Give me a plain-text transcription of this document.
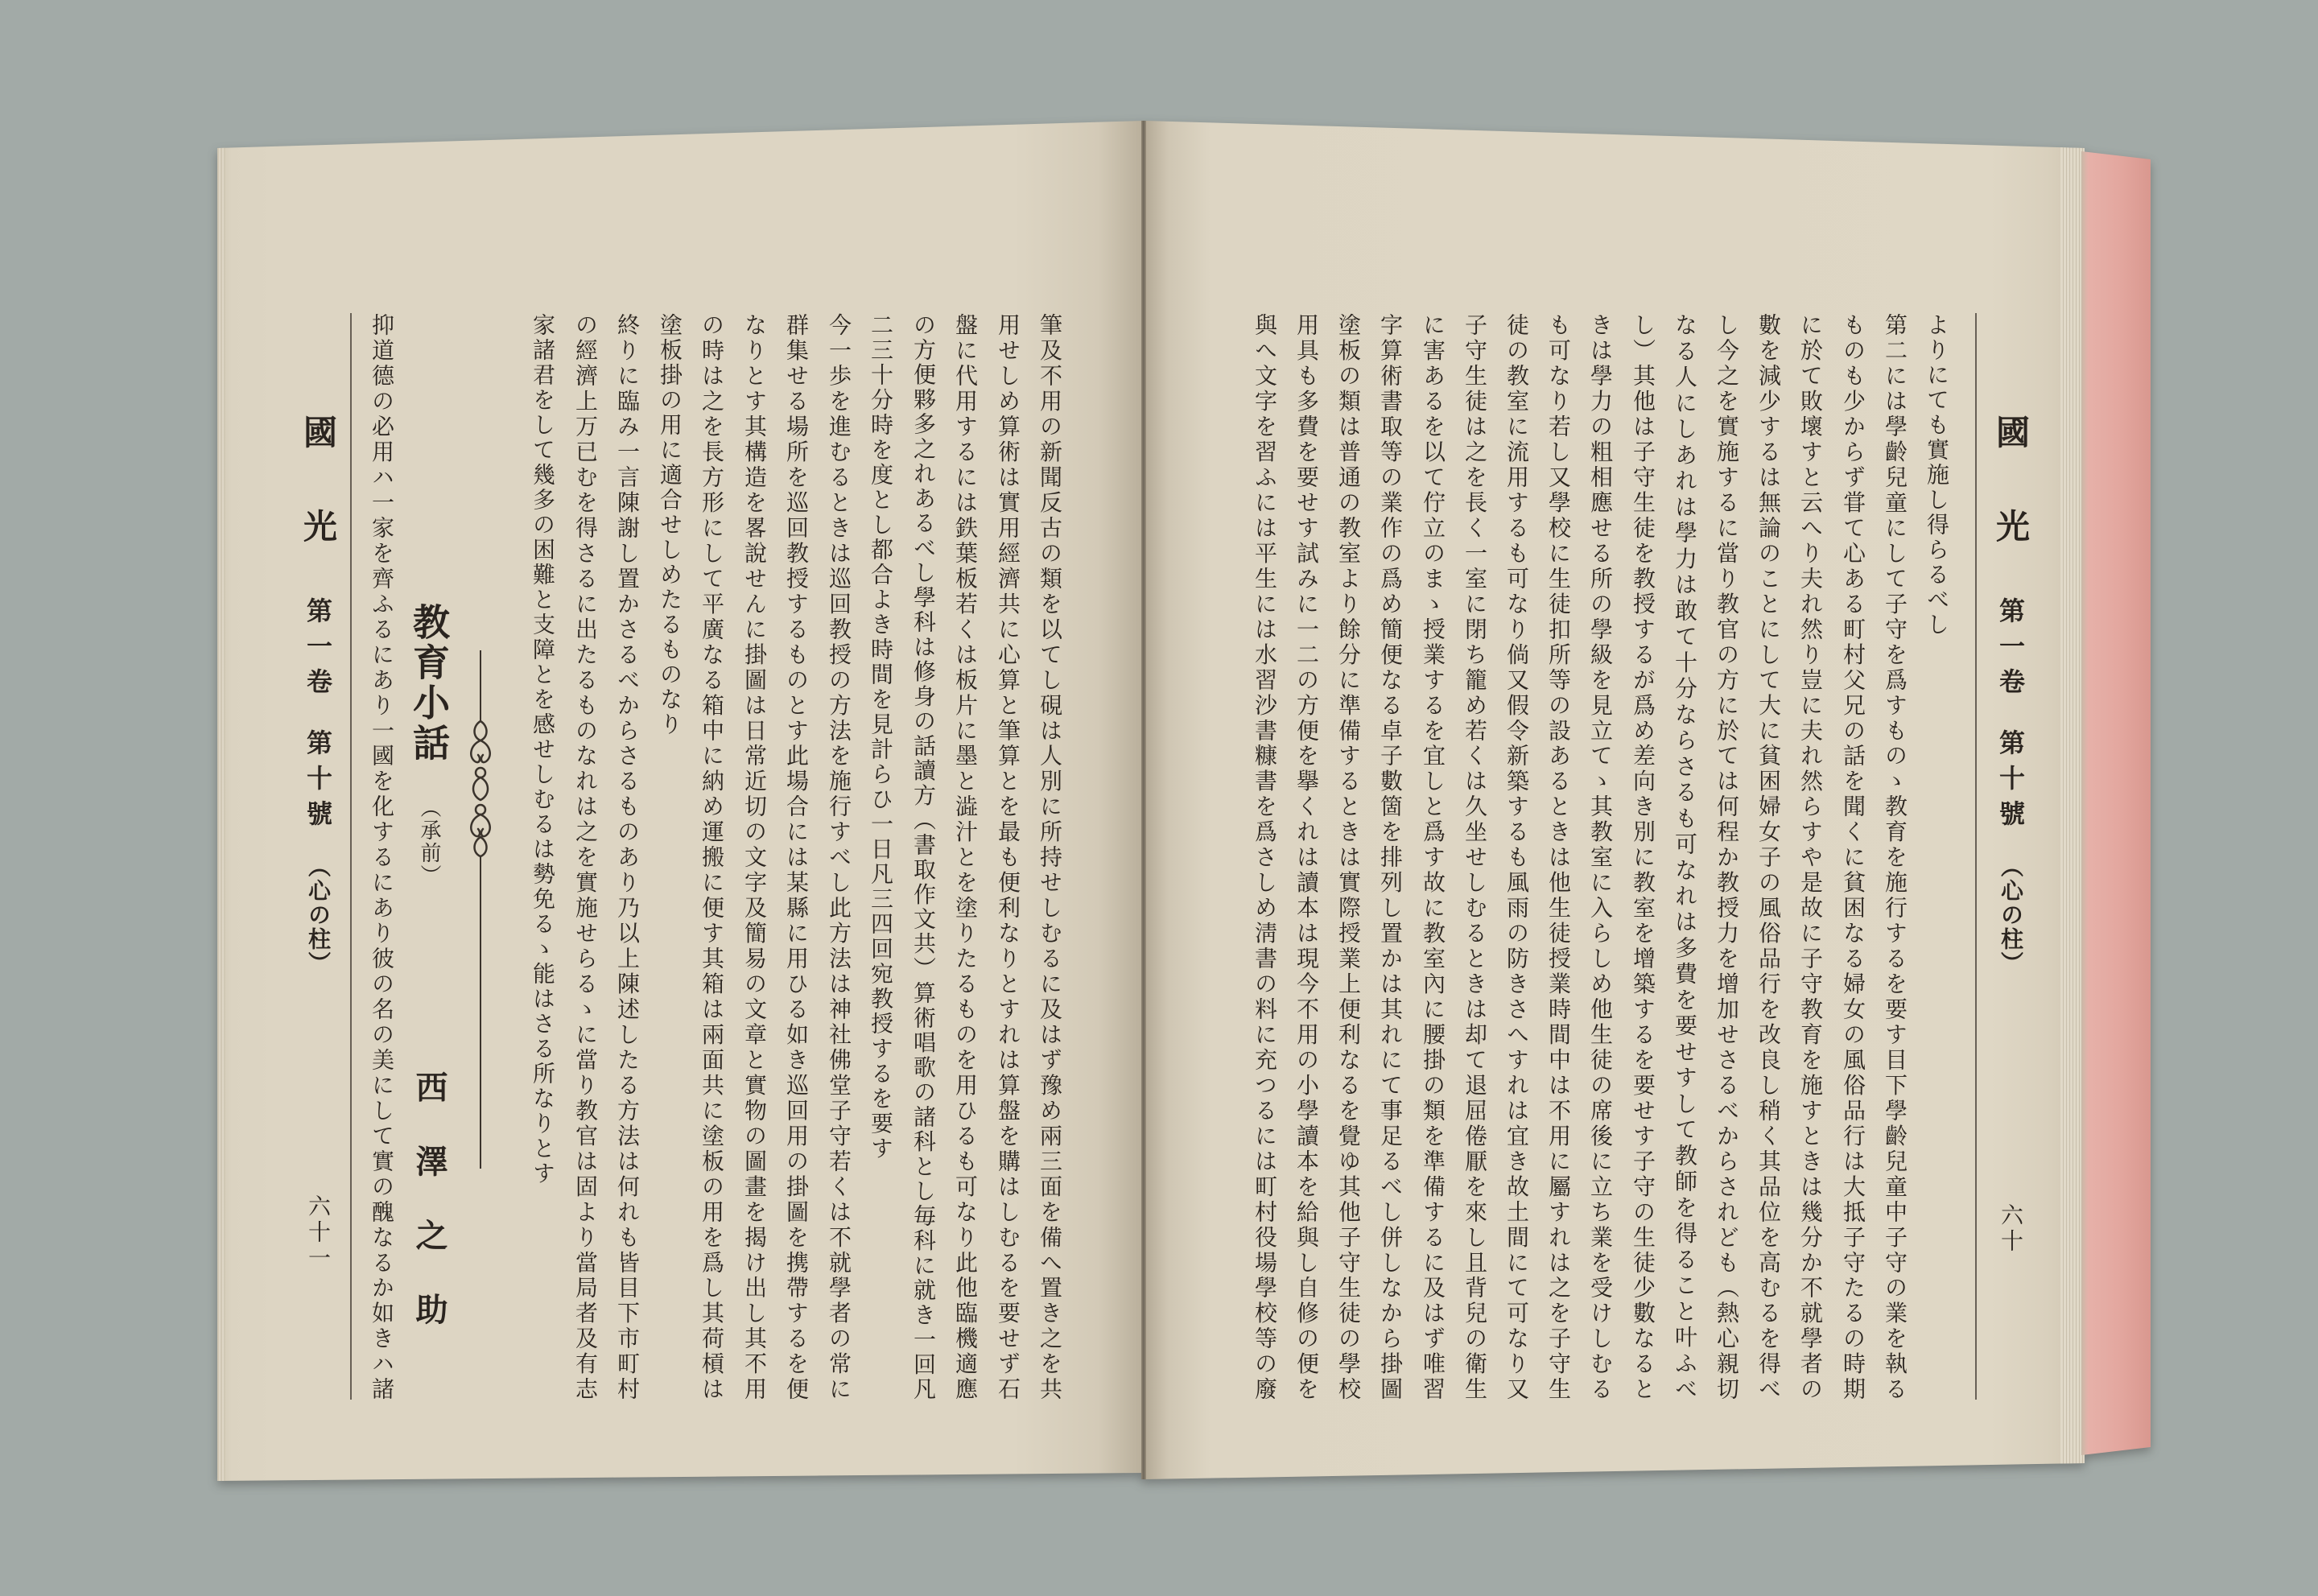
國
光
第一卷
第十號
（心の柱）
六十
よりにても實施し得らるべし
第二には學齡兒童にして子守を爲すものゝ教育を施行するを要す目下學齡兒童中子守の業を執る
ものも少からず甞て心ある町村父兄の話を聞くに貧困なる婦女の風俗品行は大抵子守たるの時期
に於て敗壞すと云へり夫れ然り豈に夫れ然らすや是故に子守教育を施すときは幾分か不就學者の
數を減少するは無論のことにして大に貧困婦女子の風俗品行を改良し稍く其品位を高むるを得べ
し今之を實施するに當り教官の方に於ては何程か教授力を增加せさるべからされども（熱心親切
なる人にしあれは學力は敢て十分ならさるも可なれは多費を要せすして教師を得ること叶ふべ
し）其他は子守生徒を教授するが爲め差向き別に教室を增築するを要せす子守の生徒少數なると
きは學力の粗相應せる所の學級を見立てゝ其教室に入らしめ他生徒の席後に立ち業を受けしむる
も可なり若し又學校に生徒扣所等の設あるときは他生徒授業時間中は不用に屬すれは之を子守生
徒の教室に流用するも可なり倘又假令新築するも風雨の防きさへすれは宜き故土間にて可なり又
子守生徒は之を長く一室に閉ち籠め若くは久坐せしむるときは却て退屈倦厭を來し且背兒の衛生
に害あるを以て佇立のまゝ授業するを宜しと爲す故に教室內に腰掛の類を準備するに及はず唯習
字算術書取等の業作の爲め簡便なる卓子數箇を排列し置かは其れにて事足るべし併しなから掛圖
塗板の類は普通の教室より餘分に準備するときは實際授業上便利なるを覺ゆ其他子守生徒の學校
用具も多費を要せす試みに一二の方便を擧くれは讀本は現今不用の小學讀本を給與し自修の便を
與へ文字を習ふには平生には水習沙書糠書を爲さしめ淸書の料に充つるには町村役場學校等の廢
筆及不用の新聞反古の類を以てし硯は人別に所持せしむるに及はず豫め兩三面を備へ置き之を共
用せしめ算術は實用經濟共に心算と筆算とを最も便利なりとすれは算盤を購はしむるを要せず石
盤に代用するには鉄葉板若くは板片に墨と澁汁とを塗りたるものを用ひるも可なり此他臨機適應
の方便夥多之れあるべし學科は修身の話讀方（書取作文共）算術唱歌の諸科とし毎科に就き一回凡
二三十分時を度とし都合よき時間を見計らひ一日凡三四回宛教授するを要す
今一歩を進むるときは巡回教授の方法を施行すべし此方法は神社佛堂子守若くは不就學者の常に
群集せる場所を巡回教授するものとす此場合には某縣に用ひる如き巡回用の掛圖を携帶するを便
なりとす其構造を畧說せんに掛圖は日常近切の文字及簡易の文章と實物の圖畫を揭け出し其不用
の時は之を長方形にして平廣なる箱中に納め運搬に便す其箱は兩面共に塗板の用を爲し其荷槓は
塗板掛の用に適合せしめたるものなり
終りに臨み一言陳謝し置かさるべからさるものあり乃以上陳述したる方法は何れも皆目下市町村
の經濟上万已むを得さるに出たるものなれは之を實施せらるゝに當り教官は固より當局者及有志
家諸君をして幾多の困難と支障とを感せしむるは勢免るゝ能はさる所なりとす
教育小話
（承前）
西澤之助
抑道德の必用ハ一家を齊ふるにあり一國を化するにあり彼の名の美にして實の醜なるか如きハ諸
國
光
第一卷
第十號
（心の柱）
六十一
